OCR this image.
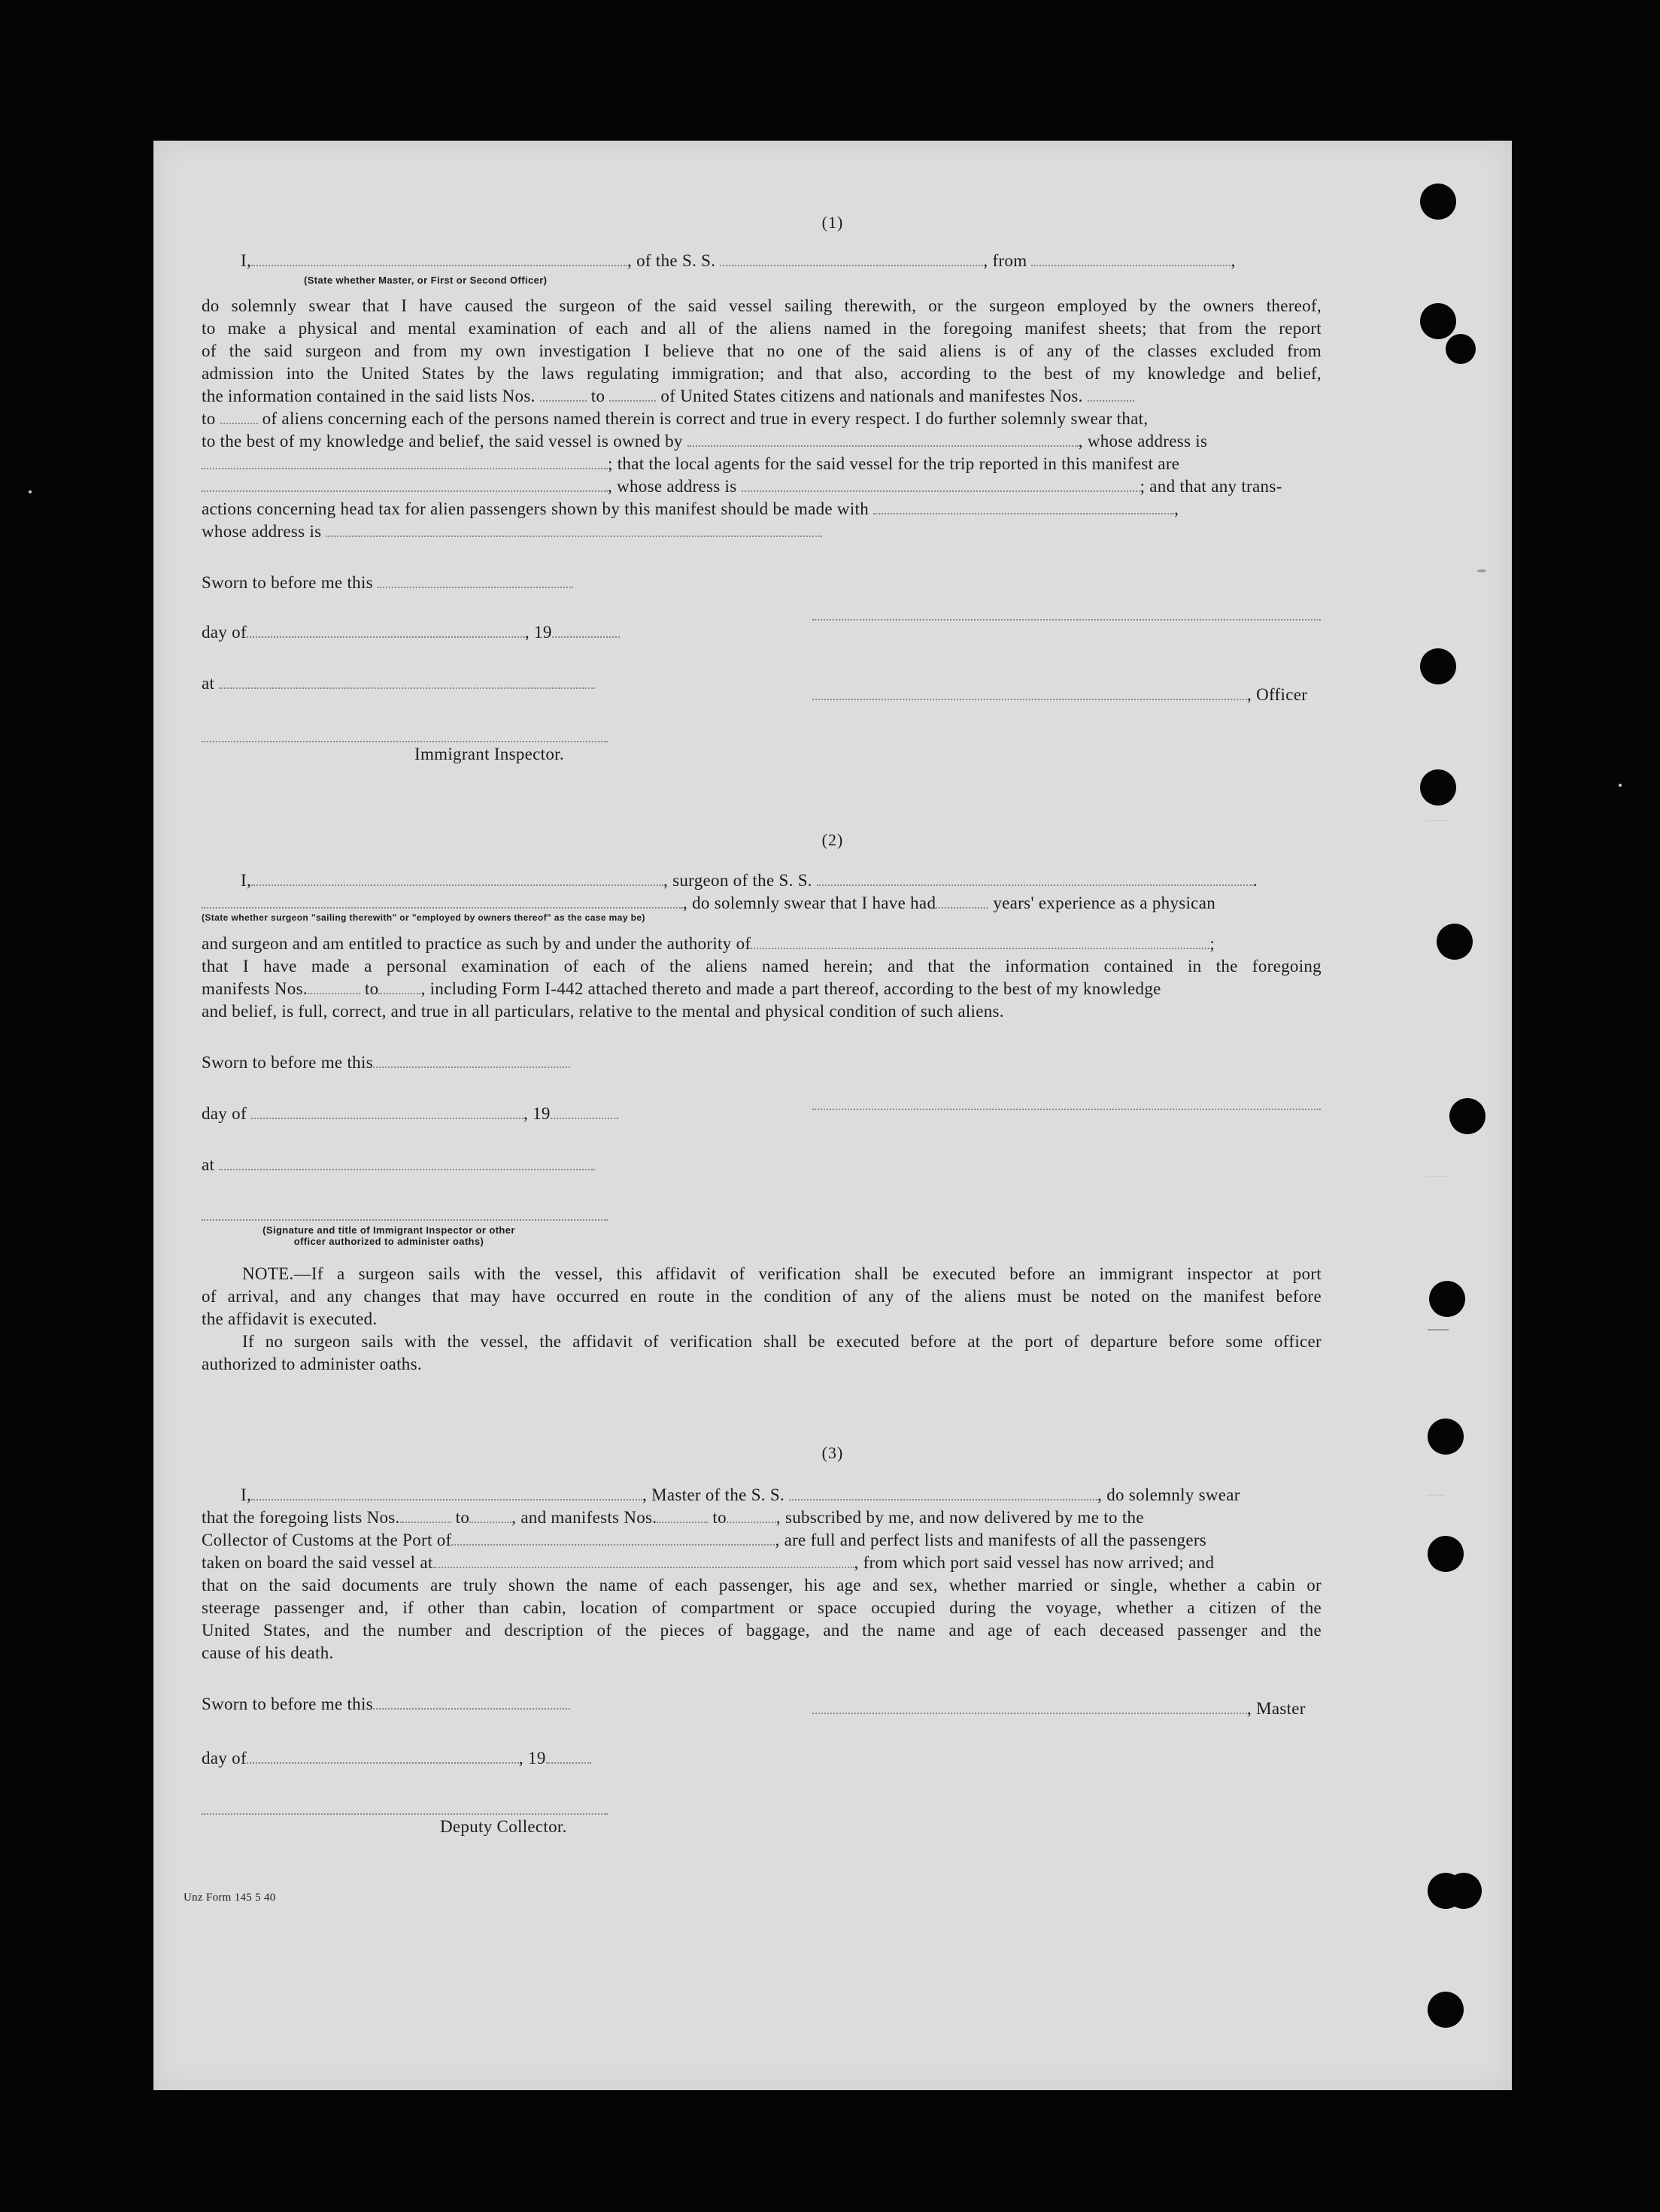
(1)
I,	, of the S. S.	, from	,
(State whether Master, or First or Second Officer)
do solemnly swear that I have caused the surgeon of the said vessel sailing therewith, or the surgeon employed by the owners thereof,
to make a physical and mental examination of each and all of the aliens named in the foregoing manifest sheets; that from the report
of the said surgeon and from my own investigation I believe that no one of the said aliens is of any of the classes excluded from
admission into the United States by the laws regulating immigration; and that also, according to the best of my knowledge and belief,
the information contained in the said lists Nos.	to	of United States citizens and nationals and manifestes Nos.
to	of aliens concerning each of the persons named therein is correct and true in every respect. I do further solemnly swear that,
to the best of my knowledge and belief, the said vessel is owned by	, whose address is
; that the local agents for the said vessel for the trip reported in this manifest are
, whose address is	; and that any trans-
actions concerning head tax for alien passengers shown by this manifest should be made with	,
whose address is
Sworn to before me this
day of	, 19
at
, Officer
Immigrant Inspector.
(2)
I,	, surgeon of the S. S.	.
, do solemnly swear that I have had	years' experience as a physican
(State whether surgeon "sailing therewith" or "employed by owners thereof" as the case may be)
and surgeon and am entitled to practice as such by and under the authority of	;
that I have made a personal examination of each of the aliens named herein; and that the information contained in the foregoing
manifests Nos.	to , including Form I-442 attached thereto and made a part thereof, according to the best of my knowledge
and belief, is full, correct, and true in all particulars, relative to the mental and physical condition of such aliens.
Sworn to before me this
day of	, 19
at
(Signature and title of Immigrant Inspector or other
officer authorized to administer oaths)
NOTE.—If a surgeon sails with the vessel, this affidavit of verification shall be executed before an immigrant inspector at port
of arrival, and any changes that may have occurred en route in the condition of any of the aliens must be noted on the manifest before
the affidavit is executed.
If no surgeon sails with the vessel, the affidavit of verification shall be executed before at the port of departure before some officer
authorized to administer oaths.
(3)
I,	, Master of the S. S.	, do solemnly swear
that the foregoing lists Nos.	to , and manifests Nos.	to	, subscribed by me, and now delivered by me to the
Collector of Customs at the Port of	, are full and perfect lists and manifests of all the passengers
taken on board the said vessel at	, from which port said vessel has now arrived; and
that on the said documents are truly shown the name of each passenger, his age and sex, whether married or single, whether a cabin or
steerage passenger and, if other than cabin, location of compartment or space occupied during the voyage, whether a citizen of the
United States, and the number and description of the pieces of baggage, and the name and age of each deceased passenger and the
cause of his death.
Sworn to before me this	, Master
day of	, 19
Deputy Collector.
Unz Form 145 5 40
